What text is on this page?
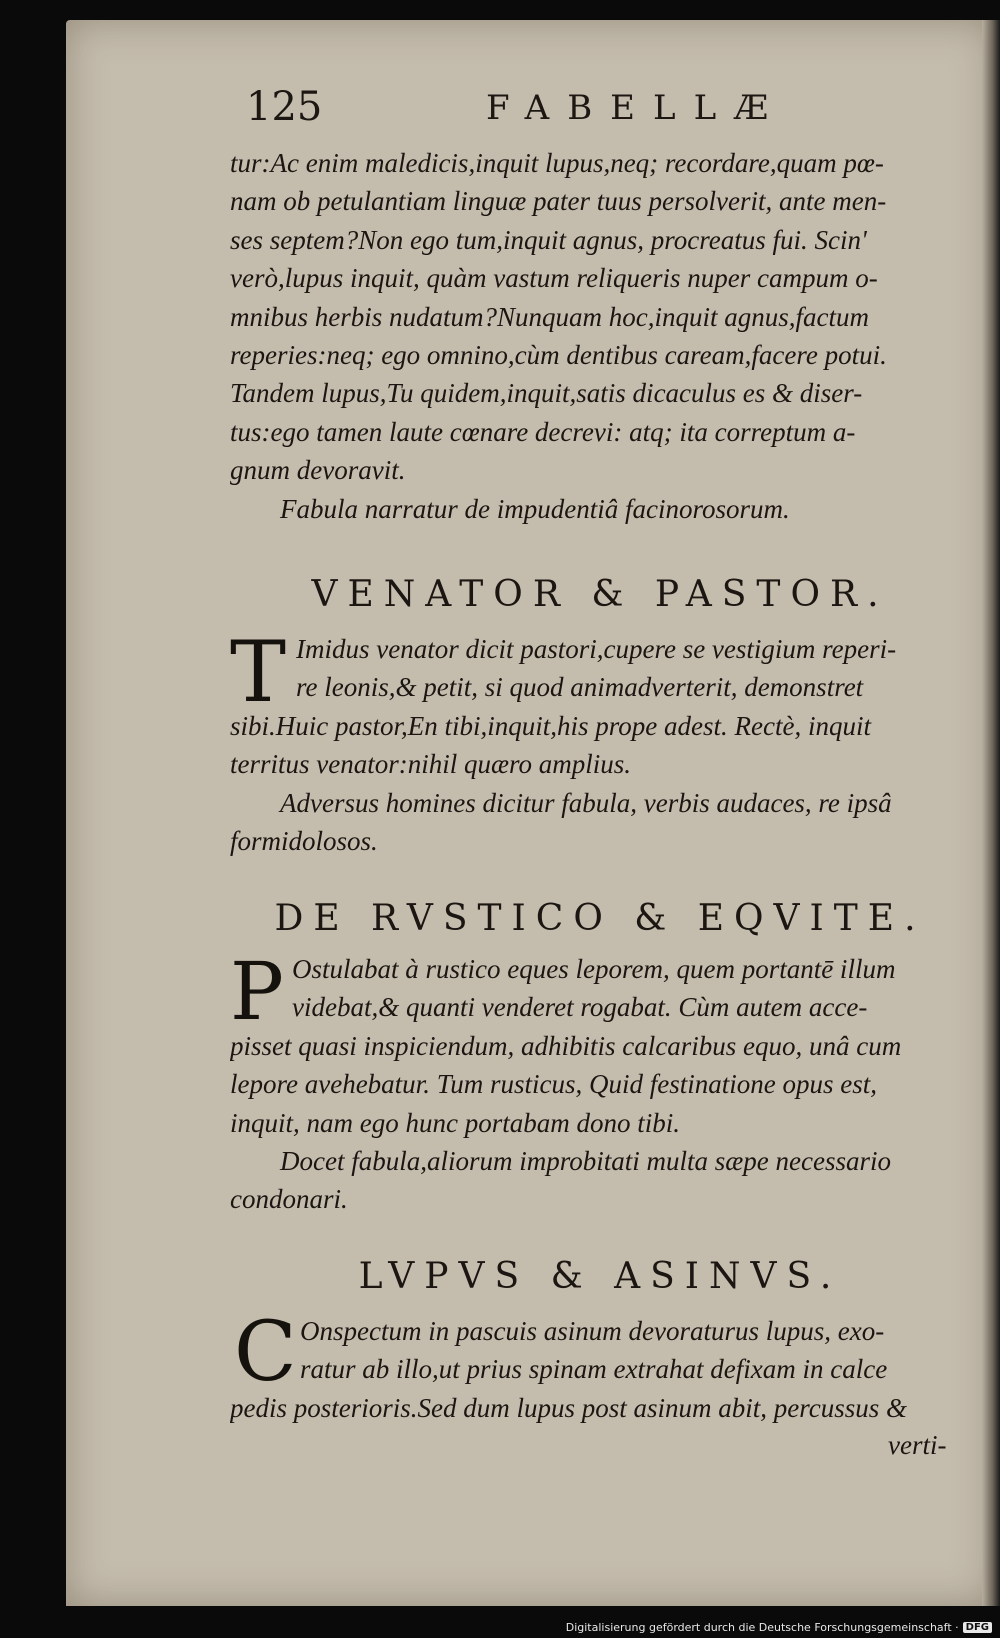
125	FABELLÆ
tur:Ac enim maledicis,inquit lupus,neq; recordare,quam pœ-
nam ob petulantiam linguæ pater tuus persolverit, ante men-
ses septem?Non ego tum,inquit agnus, procreatus fui. Scin'
verò,lupus inquit, quàm vastum reliqueris nuper campum o-
mnibus herbis nudatum?Nunquam hoc,inquit agnus,factum
reperies:neq; ego omnino,cùm dentibus caream,facere potui.
Tandem lupus,Tu quidem,inquit,satis dicaculus es & diser-
tus:ego tamen laute cœnare decrevi: atq; ita correptum a-
gnum devoravit.
Fabula narratur de impudentiâ facinorosorum.
VENATOR & PASTOR.
T Imidus venator dicit pastori,cupere se vestigium reperi-
re leonis,& petit, si quod animadverterit, demonstret
sibi.Huic pastor,En tibi,inquit,his prope adest. Rectè, inquit
territus venator:nihil quæro amplius.
Adversus homines dicitur fabula, verbis audaces, re ipsâ
formidolosos.
DE RVSTICO & EQVITE.
P Ostulabat à rustico eques leporem, quem portantē illum
videbat,& quanti venderet rogabat. Cùm autem acce-
pisset quasi inspiciendum, adhibitis calcaribus equo, unâ cum
lepore avehebatur. Tum rusticus, Quid festinatione opus est,
inquit, nam ego hunc portabam dono tibi.
Docet fabula,aliorum improbitati multa sæpe necessario
condonari.
LVPVS & ASINVS.
C Onspectum in pascuis asinum devoraturus lupus, exo-
ratur ab illo,ut prius spinam extrahat defixam in calce
pedis posterioris.Sed dum lupus post asinum abit, percussus &
verti-
Digitalisierung gefördert durch die Deutsche Forschungsgemeinschaft · DFG
